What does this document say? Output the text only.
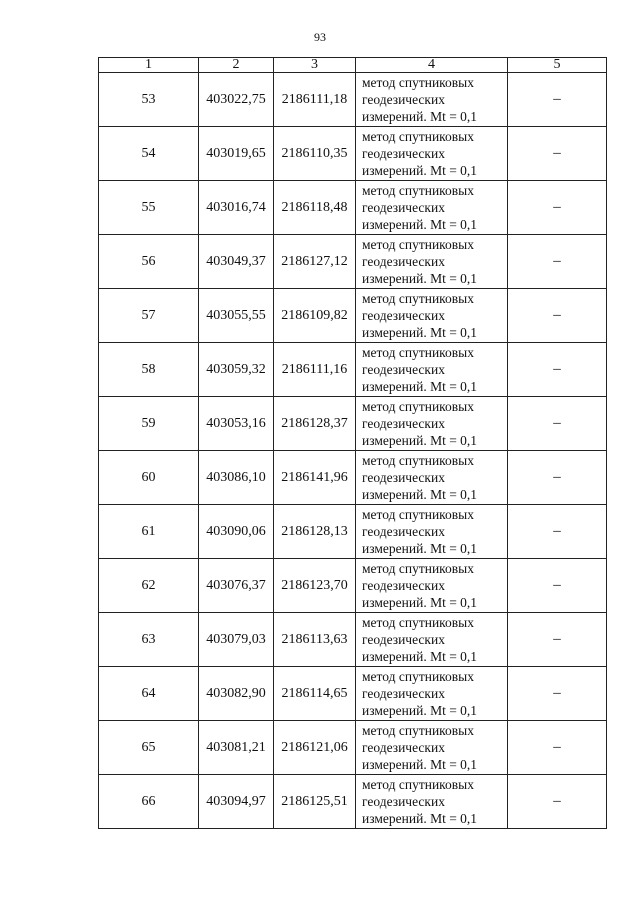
93
1	2	3	4	5
53	403022,75	2186111,18	метод спутниковых
геодезических
измерений. Mt = 0,1	–
54	403019,65	2186110,35	метод спутниковых
геодезических
измерений. Mt = 0,1	–
55	403016,74	2186118,48	метод спутниковых
геодезических
измерений. Mt = 0,1	–
56	403049,37	2186127,12	метод спутниковых
геодезических
измерений. Mt = 0,1	–
57	403055,55	2186109,82	метод спутниковых
геодезических
измерений. Mt = 0,1	–
58	403059,32	2186111,16	метод спутниковых
геодезических
измерений. Mt = 0,1	–
59	403053,16	2186128,37	метод спутниковых
геодезических
измерений. Mt = 0,1	–
60	403086,10	2186141,96	метод спутниковых
геодезических
измерений. Mt = 0,1	–
61	403090,06	2186128,13	метод спутниковых
геодезических
измерений. Mt = 0,1	–
62	403076,37	2186123,70	метод спутниковых
геодезических
измерений. Mt = 0,1	–
63	403079,03	2186113,63	метод спутниковых
геодезических
измерений. Mt = 0,1	–
64	403082,90	2186114,65	метод спутниковых
геодезических
измерений. Mt = 0,1	–
65	403081,21	2186121,06	метод спутниковых
геодезических
измерений. Mt = 0,1	–
66	403094,97	2186125,51	метод спутниковых
геодезических
измерений. Mt = 0,1	–
